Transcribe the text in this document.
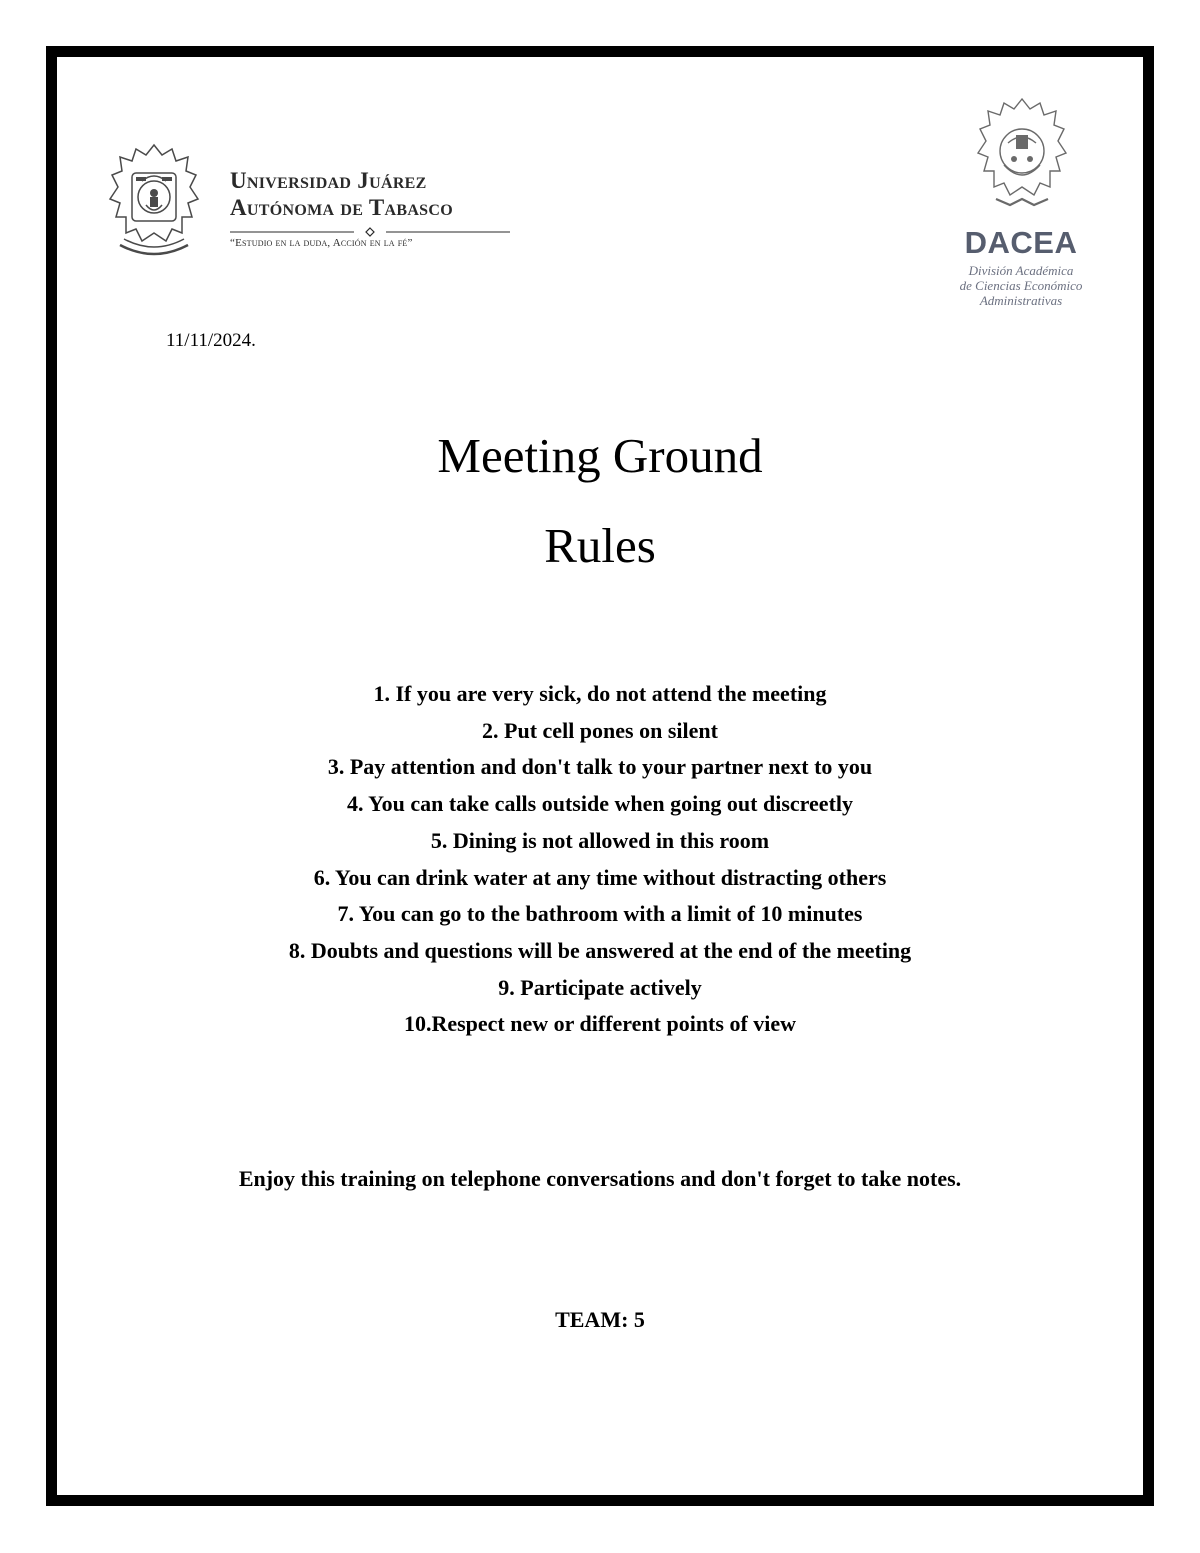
Universidad Juárez
Autónoma de Tabasco
“Estudio en la duda, Acción en la fé”	DACEA
División Académica
de Ciencias Económico
Administrativas
11/11/2024.
Meeting Ground
Rules
1. If you are very sick, do not attend the meeting
2. Put cell pones on silent
3. Pay attention and don't talk to your partner next to you
4. You can take calls outside when going out discreetly
5. Dining is not allowed in this room
6. You can drink water at any time without distracting others
7. You can go to the bathroom with a limit of 10 minutes
8. Doubts and questions will be answered at the end of the meeting
9. Participate actively
10.Respect new or different points of view
Enjoy this training on telephone conversations and don't forget to take notes.
TEAM: 5
